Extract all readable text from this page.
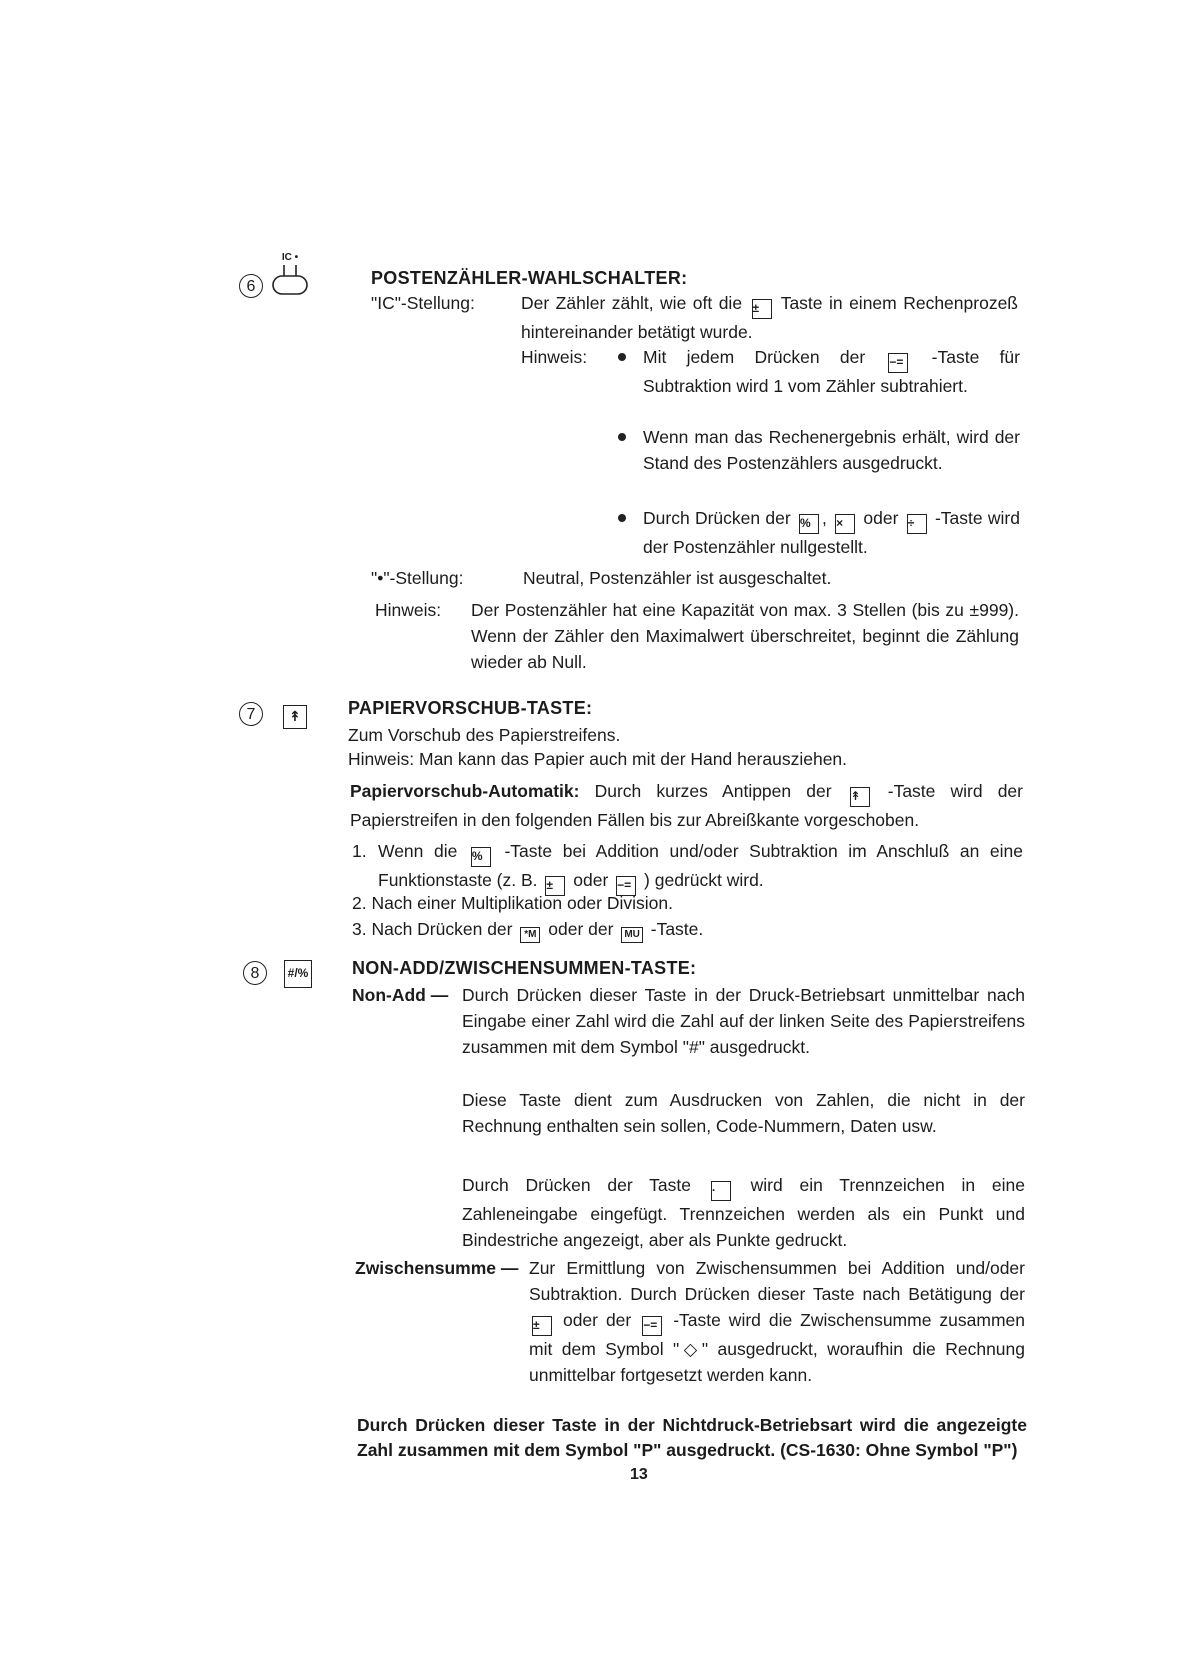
6
IC •
POSTENZÄHLER-WAHLSCHALTER:
"IC"-Stellung:	Der Zähler zählt, wie oft die ± Taste in einem Rechenprozeß hintereinander betätigt wurde.
Hinweis:	Mit jedem Drücken der −= -Taste für Subtraktion wird 1 vom Zähler subtrahiert.
Wenn man das Rechenergebnis erhält, wird der Stand des Postenzählers ausgedruckt.
Durch Drücken der % , × oder ÷ -Taste wird der Postenzähler nullgestellt.
"•"-Stellung:	Neutral, Postenzähler ist ausgeschaltet.
Hinweis: Der Postenzähler hat eine Kapazität von max. 3 Stellen (bis zu ±999). Wenn der Zähler den Maximalwert überschreitet, beginnt die Zählung wieder ab Null.
7	↟	PAPIERVORSCHUB-TASTE:
Zum Vorschub des Papierstreifens.
Hinweis: Man kann das Papier auch mit der Hand herausziehen.
Papiervorschub-Automatik: Durch kurzes Antippen der ↟ -Taste wird der Papierstreifen in den folgenden Fällen bis zur Abreißkante vorgeschoben.
1. Wenn die % -Taste bei Addition und/oder Subtraktion im Anschluß an eine Funktionstaste (z. B. ± oder −= ) gedrückt wird.
2. Nach einer Multiplikation oder Division.
3. Nach Drücken der *M oder der MU -Taste.
8	#/%	NON-ADD/ZWISCHENSUMMEN-TASTE:
Non-Add — Durch Drücken dieser Taste in der Druck-Betriebsart unmittelbar nach Eingabe einer Zahl wird die Zahl auf der linken Seite des Papierstreifens zusammen mit dem Symbol "#" ausgedruckt.
Diese Taste dient zum Ausdrucken von Zahlen, die nicht in der Rechnung enthalten sein sollen, Code-Nummern, Daten usw.
Durch Drücken der Taste · wird ein Trennzeichen in eine Zahleneingabe eingefügt. Trennzeichen werden als ein Punkt und Bindestriche angezeigt, aber als Punkte gedruckt.
Zwischensumme — Zur Ermittlung von Zwischensummen bei Addition und/oder Subtraktion. Durch Drücken dieser Taste nach Betätigung der ± oder der −= -Taste wird die Zwischensumme zusammen mit dem Symbol "◇" ausgedruckt, woraufhin die Rechnung unmittelbar fortgesetzt werden kann.
Durch Drücken dieser Taste in der Nichtdruck-Betriebsart wird die angezeigte Zahl zusammen mit dem Symbol "P" ausgedruckt. (CS-1630: Ohne Symbol "P")
13
